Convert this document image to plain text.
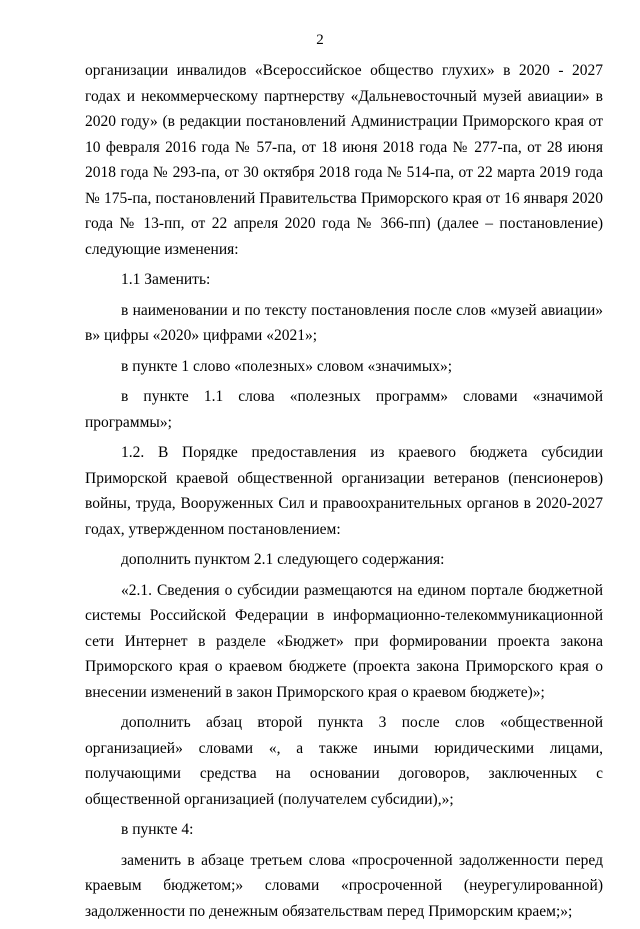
2

организации инвалидов «Всероссийское общество глухих» в 2020 - 2027 годах и некоммерческому партнерству «Дальневосточный музей авиации» в 2020 году» (в редакции постановлений Администрации Приморского края от 10 февраля 2016 года № 57-па, от 18 июня 2018 года № 277-па, от 28 июня 2018 года № 293-па, от 30 октября 2018 года № 514-па, от 22 марта 2019 года № 175-па, постановлений Правительства Приморского края от 16 января 2020 года № 13-пп, от 22 апреля 2020 года № 366-пп) (далее – постановление) следующие изменения:

1.1 Заменить:

в наименовании и по тексту постановления после слов «музей авиации» в» цифры «2020» цифрами «2021»;

в пункте 1 слово «полезных» словом «значимых»;

в пункте 1.1 слова «полезных программ» словами «значимой программы»;

1.2. В Порядке предоставления из краевого бюджета субсидии Приморской краевой общественной организации ветеранов (пенсионеров) войны, труда, Вооруженных Сил и правоохранительных органов в 2020-2027 годах, утвержденном постановлением:

дополнить пунктом 2.1 следующего содержания:

«2.1. Сведения о субсидии размещаются на едином портале бюджетной системы Российской Федерации в информационно-телекоммуникационной сети Интернет в разделе «Бюджет» при формировании проекта закона Приморского края о краевом бюджете (проекта закона Приморского края о внесении изменений в закон Приморского края о краевом бюджете)»;

дополнить абзац второй пункта 3 после слов «общественной организацией» словами «, а также иными юридическими лицами, получающими средства на основании договоров, заключенных с общественной организацией (получателем субсидии),»;

в пункте 4:

заменить в абзаце третьем слова «просроченной задолженности перед краевым бюджетом;» словами «просроченной (неурегулированной) задолженности по денежным обязательствам перед Приморским краем;»;
